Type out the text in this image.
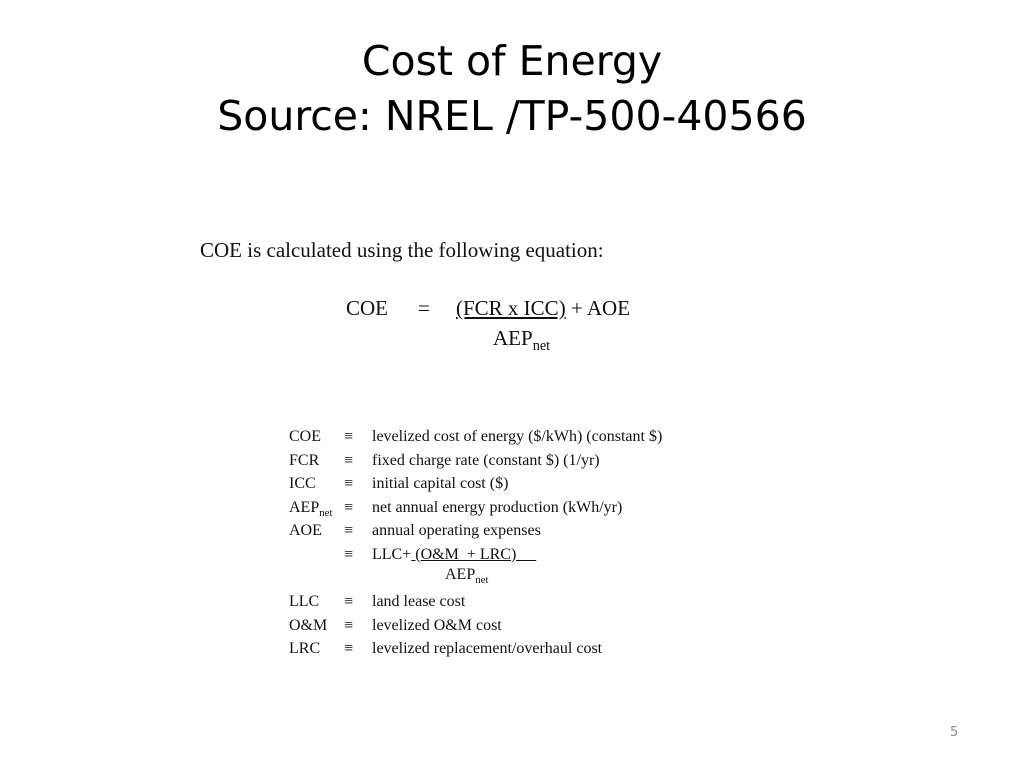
Cost of Energy
Source: NREL /TP-500-40566
COE is calculated using the following equation:
COE = (FCR x ICC) + AOE
$AEP_{net}$
COE ≡ levelized cost of energy ($/kWh) (constant $)
FCR ≡ fixed charge rate (constant $) (1/yr)
ICC ≡ initial capital cost ($)
$AEP_{net}$ ≡ net annual energy production (kWh/yr)
AOE ≡ annual operating expenses
≡ LLC+ (O&M  + LRC)
$AEP_{net}$
LLC ≡ land lease cost
O&M ≡ levelized O&M cost
LRC ≡ levelized replacement/overhaul cost
5
